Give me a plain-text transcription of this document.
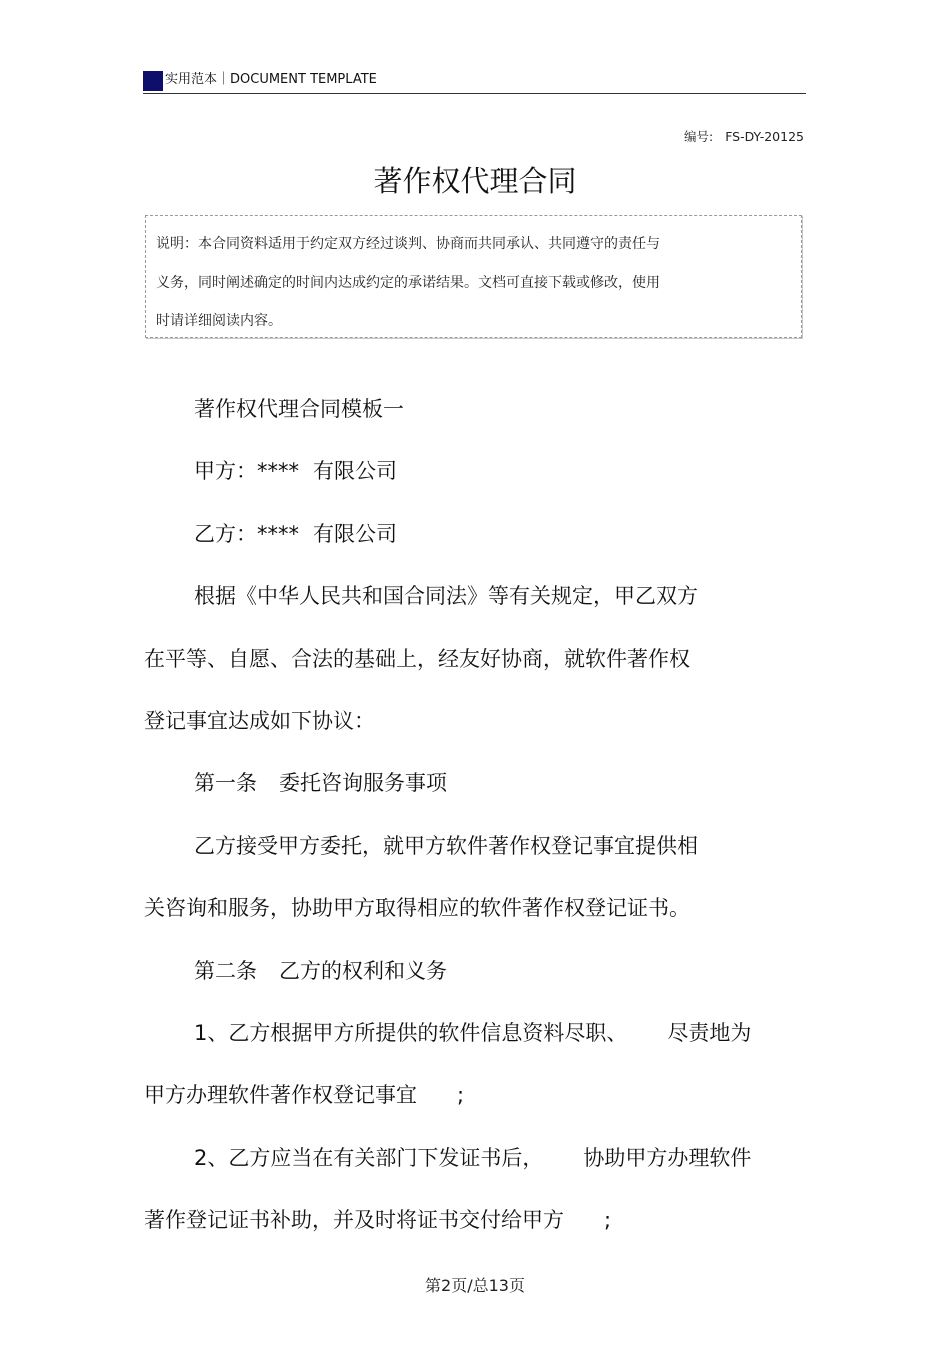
实用范本｜DOCUMENT TEMPLATE
编号: FS-DY-20125
著作权代理合同
说明：本合同资料适用于约定双方经过谈判、协商而共同承认、共同遵守的责任与
义务，同时阐述确定的时间内达成约定的承诺结果。文档可直接下载或修改，使用
时请详细阅读内容。

著作权代理合同模板一

甲方：**** 有限公司

乙方：**** 有限公司

根据《中华人民共和国合同法》等有关规定，甲乙双方
在平等、自愿、合法的基础上，经友好协商，就软件著作权
登记事宜达成如下协议：

第一条 委托咨询服务事项

乙方接受甲方委托，就甲方软件著作权登记事宜提供相
关咨询和服务，协助甲方取得相应的软件著作权登记证书。

第二条 乙方的权利和义务

1、乙方根据甲方所提供的软件信息资料尽职、 尽责地为
甲方办理软件著作权登记事宜 ;

2、乙方应当在有关部门下发证书后， 协助甲方办理软件
著作登记证书补助，并及时将证书交付给甲方 ;

第2页/总13页
